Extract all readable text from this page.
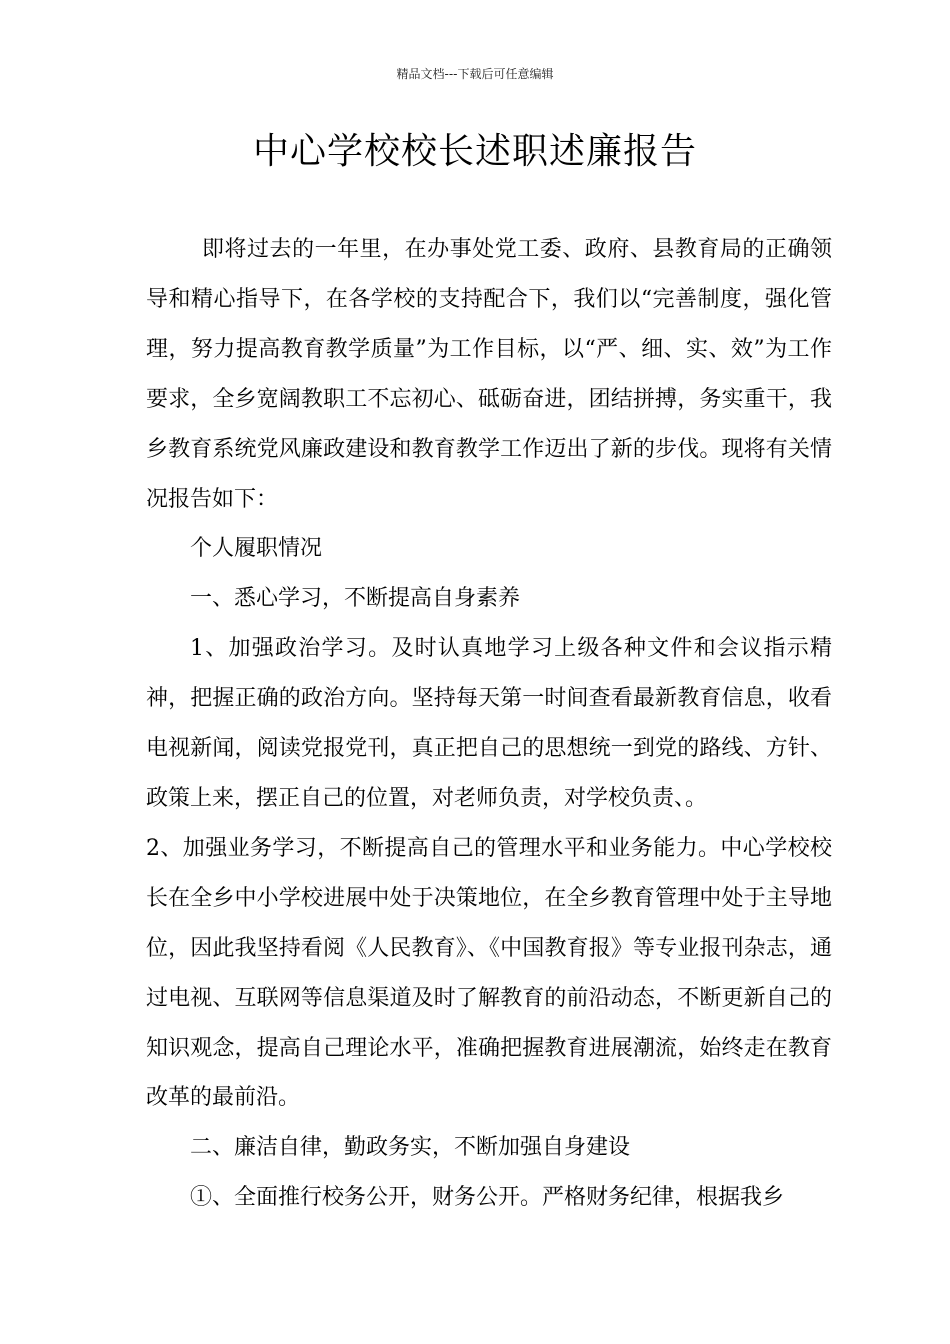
精品文档---下载后可任意编辑
中心学校校长述职述廉报告

即将过去的一年里，在办事处党工委、政府、县教育局的正确领导和精心指导下，在各学校的支持配合下，我们以“完善制度，强化管理，努力提高教育教学质量”为工作目标，以“严、细、实、效”为工作要求，全乡宽阔教职工不忘初心、砥砺奋进，团结拼搏，务实重干，我乡教育系统党风廉政建设和教育教学工作迈出了新的步伐。现将有关情况报告如下：

个人履职情况

一、悉心学习，不断提高自身素养

1、加强政治学习。及时认真地学习上级各种文件和会议指示精神，把握正确的政治方向。坚持每天第一时间查看最新教育信息，收看电视新闻，阅读党报党刊，真正把自己的思想统一到党的路线、方针、政策上来，摆正自己的位置，对老师负责，对学校负责、。

2、加强业务学习，不断提高自己的管理水平和业务能力。中心学校校长在全乡中小学校进展中处于决策地位，在全乡教育管理中处于主导地位，因此我坚持看阅《人民教育》、《中国教育报》等专业报刊杂志，通过电视、互联网等信息渠道及时了解教育的前沿动态，不断更新自己的知识观念，提高自己理论水平，准确把握教育进展潮流，始终走在教育改革的最前沿。

二、廉洁自律，勤政务实，不断加强自身建设

①、全面推行校务公开，财务公开。严格财务纪律，根据我乡
